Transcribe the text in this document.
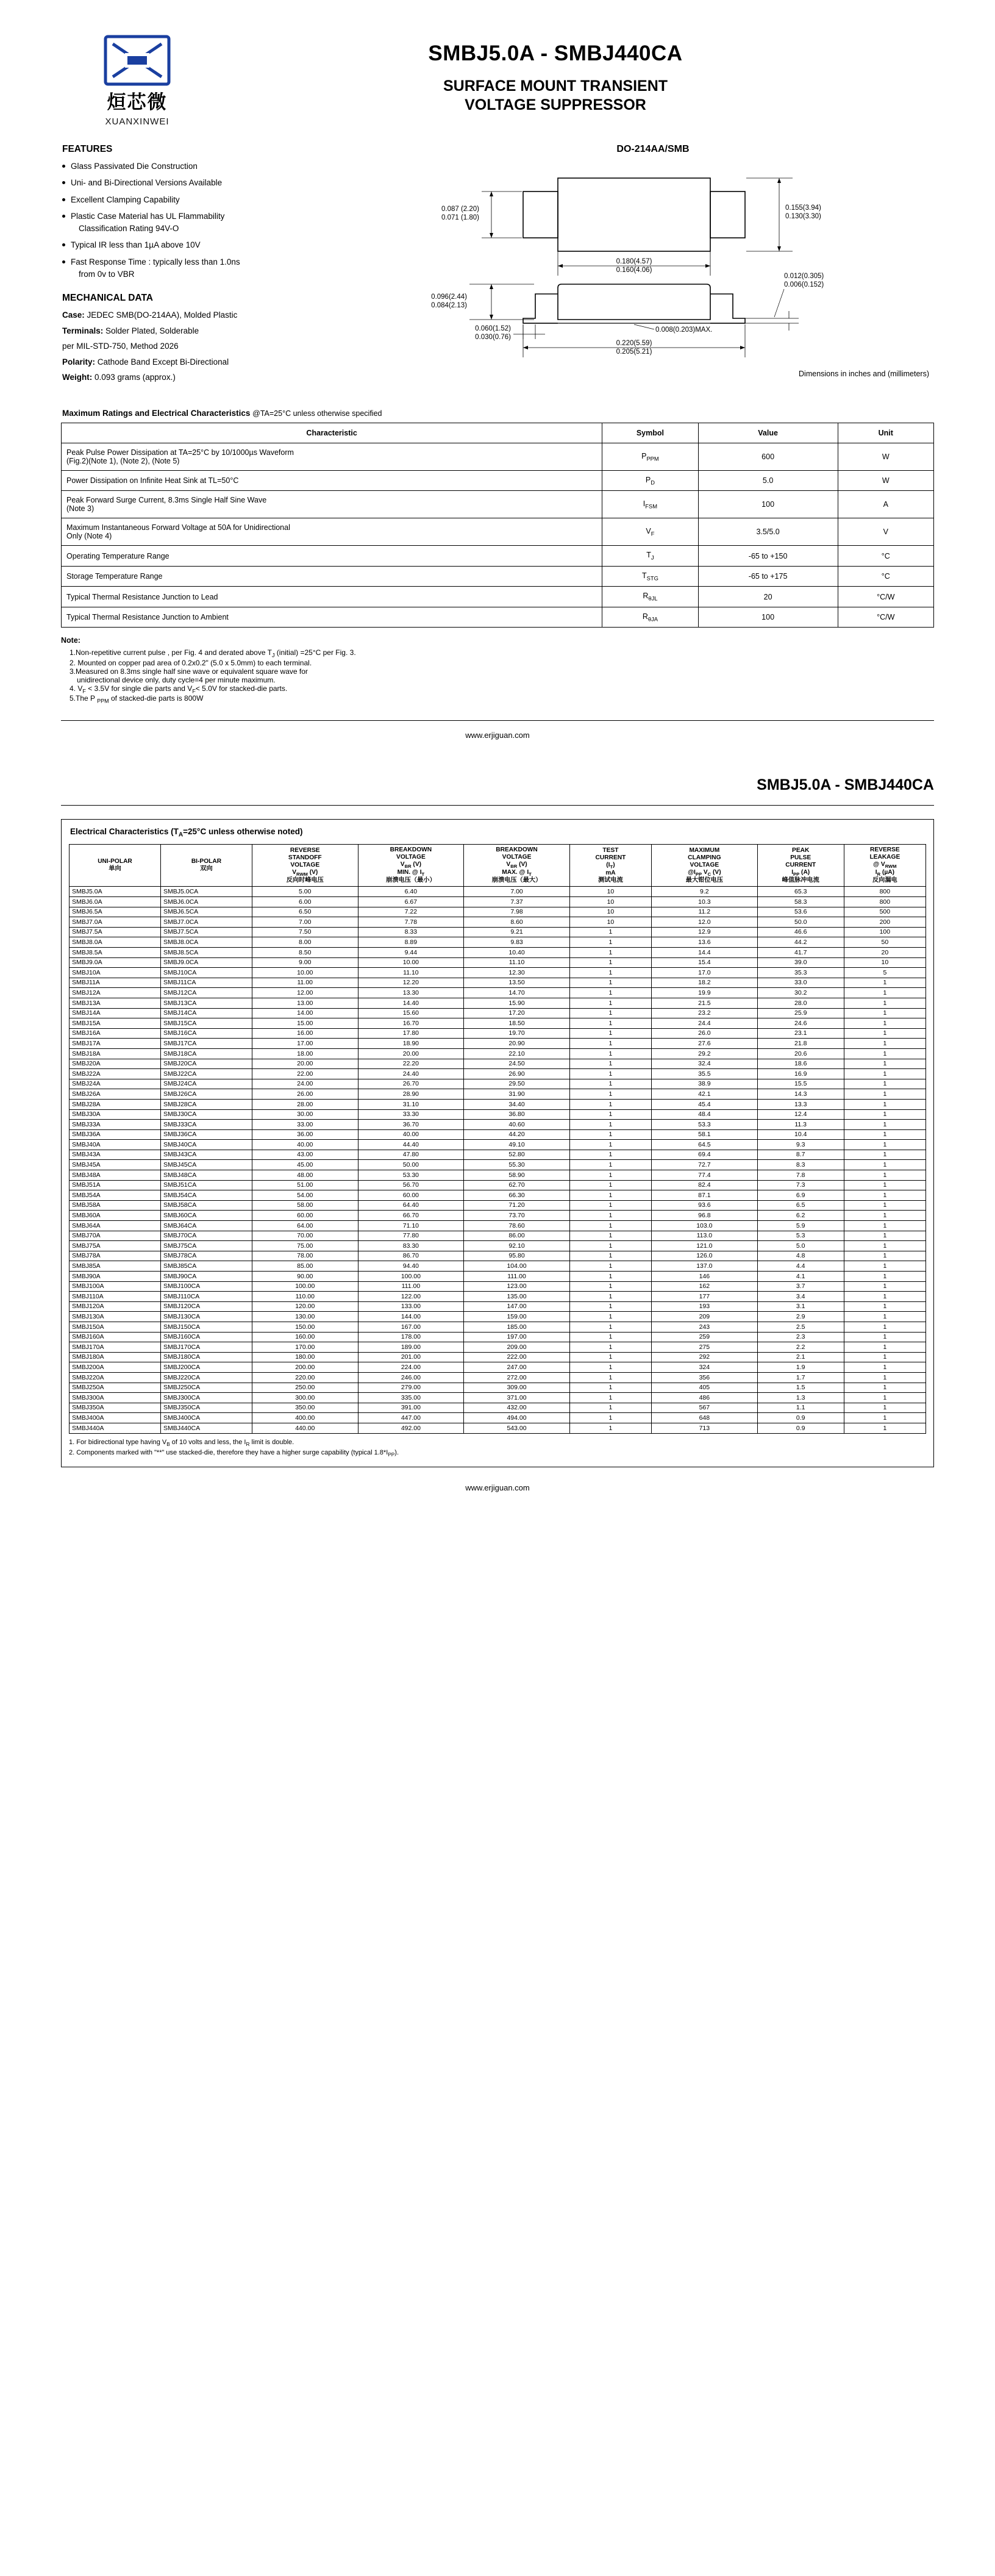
烜芯微
XUANXINWEI
SMBJ5.0A - SMBJ440CA
SURFACE MOUNT TRANSIENT
VOLTAGE SUPPRESSOR
FEATURES
Glass Passivated Die Construction
Uni- and Bi-Directional Versions Available
Excellent Clamping Capability
Plastic Case Material has UL Flammability
Classification Rating 94V-O
Typical IR less than 1µA above 10V
Fast Response Time : typically less than 1.0ns
from 0v to VBR
MECHANICAL DATA

Case: JEDEC SMB(DO-214AA), Molded Plastic

Terminals: Solder Plated, Solderable

per MIL-STD-750, Method 2026

Polarity: Cathode Band Except Bi-Directional

Weight: 0.093 grams (approx.)

DO-214AA/SMB
0.087 (2.20)
0.071 (1.80)
0.155(3.94)
0.130(3.30)
0.180(4.57)
0.160(4.06)
0.012(0.305)
0.006(0.152)
0.096(2.44)
0.084(2.13)
0.060(1.52)
0.030(0.76)
0.008(0.203)MAX.
0.220(5.59)
0.205(5.21)
Dimensions in inches and (millimeters)
Maximum Ratings and Electrical Characteristics @TA=25°C unless otherwise specified
Characteristic	Symbol	Value	Unit
Peak Pulse Power Dissipation at TA=25°C by 10/1000µs Waveform
(Fig.2)(Note 1), (Note 2), (Note 5)	$P_{PPM}$	600	W
Power Dissipation on Infinite Heat Sink at TL=50°C	$P_D$	5.0	W
Peak Forward Surge Current, 8.3ms Single Half Sine Wave
(Note 3)	$I_{FSM}$	100	A
Maximum Instantaneous Forward Voltage at 50A for Unidirectional
Only (Note 4)	$V_F$	3.5/5.0	V
Operating Temperature Range	$T_J$	-65 to +150	°C
Storage Temperature Range	$T_{STG}$	-65 to +175	°C
Typical Thermal Resistance Junction to Lead	$R_{\theta JL}$	20	°C/W
Typical Thermal Resistance Junction to Ambient	$R_{\theta JA}$	100	°C/W
Note:
1.Non-repetitive current pulse , per Fig. 4 and derated above $T_J$ (initial) =25°C per Fig. 3.
2. Mounted on copper pad area of 0.2x0.2" (5.0 x 5.0mm) to each terminal.
3.Measured on 8.3ms single half sine wave or equivalent square wave for
unidirectional device only, duty cycle=4 per minute maximum.
4. $V_F < 3.5V$ for single die parts and $V_F< 5.0V$ for stacked-die parts.
5.The P $_{PPM}$ of stacked-die parts is 800W
www.erjiguan.com
SMBJ5.0A - SMBJ440CA
Electrical Characteristics ($T_A=25^\circ C$ unless otherwise noted)
UNI-POLAR
单向	BI-POLAR
双向	REVERSE
STANDOFF
VOLTAGE
$V_{RWM}$ (V)
反向时峰电压	BREAKDOWN
VOLTAGE
$V_{BR}$ (V)
MIN. @ $I_T$
崩溃电压（最小）	BREAKDOWN
VOLTAGE
$V_{BR}$ (V)
MAX. @ $I_T$
崩溃电压（最大）	TEST
CURRENT
$(I_T)$
mA
测试电流	MAXIMUM
CLAMPING
VOLTAGE
$@I_{PP}$ $V_C$ (V)
最大钳位电压	PEAK
PULSE
CURRENT
$I_{PP}$ (A)
峰值脉冲电流	REVERSE
LEAKAGE
@ $V_{RWM}$
$I_R$ (µA)
反向漏电
SMBJ5.0A	SMBJ5.0CA	5.00	6.40	7.00	10	9.2	65.3	800
SMBJ6.0A	SMBJ6.0CA	6.00	6.67	7.37	10	10.3	58.3	800
SMBJ6.5A	SMBJ6.5CA	6.50	7.22	7.98	10	11.2	53.6	500
SMBJ7.0A	SMBJ7.0CA	7.00	7.78	8.60	10	12.0	50.0	200
SMBJ7.5A	SMBJ7.5CA	7.50	8.33	9.21	1	12.9	46.6	100
SMBJ8.0A	SMBJ8.0CA	8.00	8.89	9.83	1	13.6	44.2	50
SMBJ8.5A	SMBJ8.5CA	8.50	9.44	10.40	1	14.4	41.7	20
SMBJ9.0A	SMBJ9.0CA	9.00	10.00	11.10	1	15.4	39.0	10
SMBJ10A	SMBJ10CA	10.00	11.10	12.30	1	17.0	35.3	5
SMBJ11A	SMBJ11CA	11.00	12.20	13.50	1	18.2	33.0	1
SMBJ12A	SMBJ12CA	12.00	13.30	14.70	1	19.9	30.2	1
SMBJ13A	SMBJ13CA	13.00	14.40	15.90	1	21.5	28.0	1
SMBJ14A	SMBJ14CA	14.00	15.60	17.20	1	23.2	25.9	1
SMBJ15A	SMBJ15CA	15.00	16.70	18.50	1	24.4	24.6	1
SMBJ16A	SMBJ16CA	16.00	17.80	19.70	1	26.0	23.1	1
SMBJ17A	SMBJ17CA	17.00	18.90	20.90	1	27.6	21.8	1
SMBJ18A	SMBJ18CA	18.00	20.00	22.10	1	29.2	20.6	1
SMBJ20A	SMBJ20CA	20.00	22.20	24.50	1	32.4	18.6	1
SMBJ22A	SMBJ22CA	22.00	24.40	26.90	1	35.5	16.9	1
SMBJ24A	SMBJ24CA	24.00	26.70	29.50	1	38.9	15.5	1
SMBJ26A	SMBJ26CA	26.00	28.90	31.90	1	42.1	14.3	1
SMBJ28A	SMBJ28CA	28.00	31.10	34.40	1	45.4	13.3	1
SMBJ30A	SMBJ30CA	30.00	33.30	36.80	1	48.4	12.4	1
SMBJ33A	SMBJ33CA	33.00	36.70	40.60	1	53.3	11.3	1
SMBJ36A	SMBJ36CA	36.00	40.00	44.20	1	58.1	10.4	1
SMBJ40A	SMBJ40CA	40.00	44.40	49.10	1	64.5	9.3	1
SMBJ43A	SMBJ43CA	43.00	47.80	52.80	1	69.4	8.7	1
SMBJ45A	SMBJ45CA	45.00	50.00	55.30	1	72.7	8.3	1
SMBJ48A	SMBJ48CA	48.00	53.30	58.90	1	77.4	7.8	1
SMBJ51A	SMBJ51CA	51.00	56.70	62.70	1	82.4	7.3	1
SMBJ54A	SMBJ54CA	54.00	60.00	66.30	1	87.1	6.9	1
SMBJ58A	SMBJ58CA	58.00	64.40	71.20	1	93.6	6.5	1
SMBJ60A	SMBJ60CA	60.00	66.70	73.70	1	96.8	6.2	1
SMBJ64A	SMBJ64CA	64.00	71.10	78.60	1	103.0	5.9	1
SMBJ70A	SMBJ70CA	70.00	77.80	86.00	1	113.0	5.3	1
SMBJ75A	SMBJ75CA	75.00	83.30	92.10	1	121.0	5.0	1
SMBJ78A	SMBJ78CA	78.00	86.70	95.80	1	126.0	4.8	1
SMBJ85A	SMBJ85CA	85.00	94.40	104.00	1	137.0	4.4	1
SMBJ90A	SMBJ90CA	90.00	100.00	111.00	1	146	4.1	1
SMBJ100A	SMBJ100CA	100.00	111.00	123.00	1	162	3.7	1
SMBJ110A	SMBJ110CA	110.00	122.00	135.00	1	177	3.4	1
SMBJ120A	SMBJ120CA	120.00	133.00	147.00	1	193	3.1	1
SMBJ130A	SMBJ130CA	130.00	144.00	159.00	1	209	2.9	1
SMBJ150A	SMBJ150CA	150.00	167.00	185.00	1	243	2.5	1
SMBJ160A	SMBJ160CA	160.00	178.00	197.00	1	259	2.3	1
SMBJ170A	SMBJ170CA	170.00	189.00	209.00	1	275	2.2	1
SMBJ180A	SMBJ180CA	180.00	201.00	222.00	1	292	2.1	1
SMBJ200A	SMBJ200CA	200.00	224.00	247.00	1	324	1.9	1
SMBJ220A	SMBJ220CA	220.00	246.00	272.00	1	356	1.7	1
SMBJ250A	SMBJ250CA	250.00	279.00	309.00	1	405	1.5	1
SMBJ300A	SMBJ300CA	300.00	335.00	371.00	1	486	1.3	1
SMBJ350A	SMBJ350CA	350.00	391.00	432.00	1	567	1.1	1
SMBJ400A	SMBJ400CA	400.00	447.00	494.00	1	648	0.9	1
SMBJ440A	SMBJ440CA	440.00	492.00	543.00	1	713	0.9	1
1. For bidirectional type having $V_B$ of 10 volts and less, the $I_R$ limit is double.
2. Components marked with "**" use stacked-die, therefore they have a higher surge capability (typical $1.8*I_{PP}$).
www.erjiguan.com
